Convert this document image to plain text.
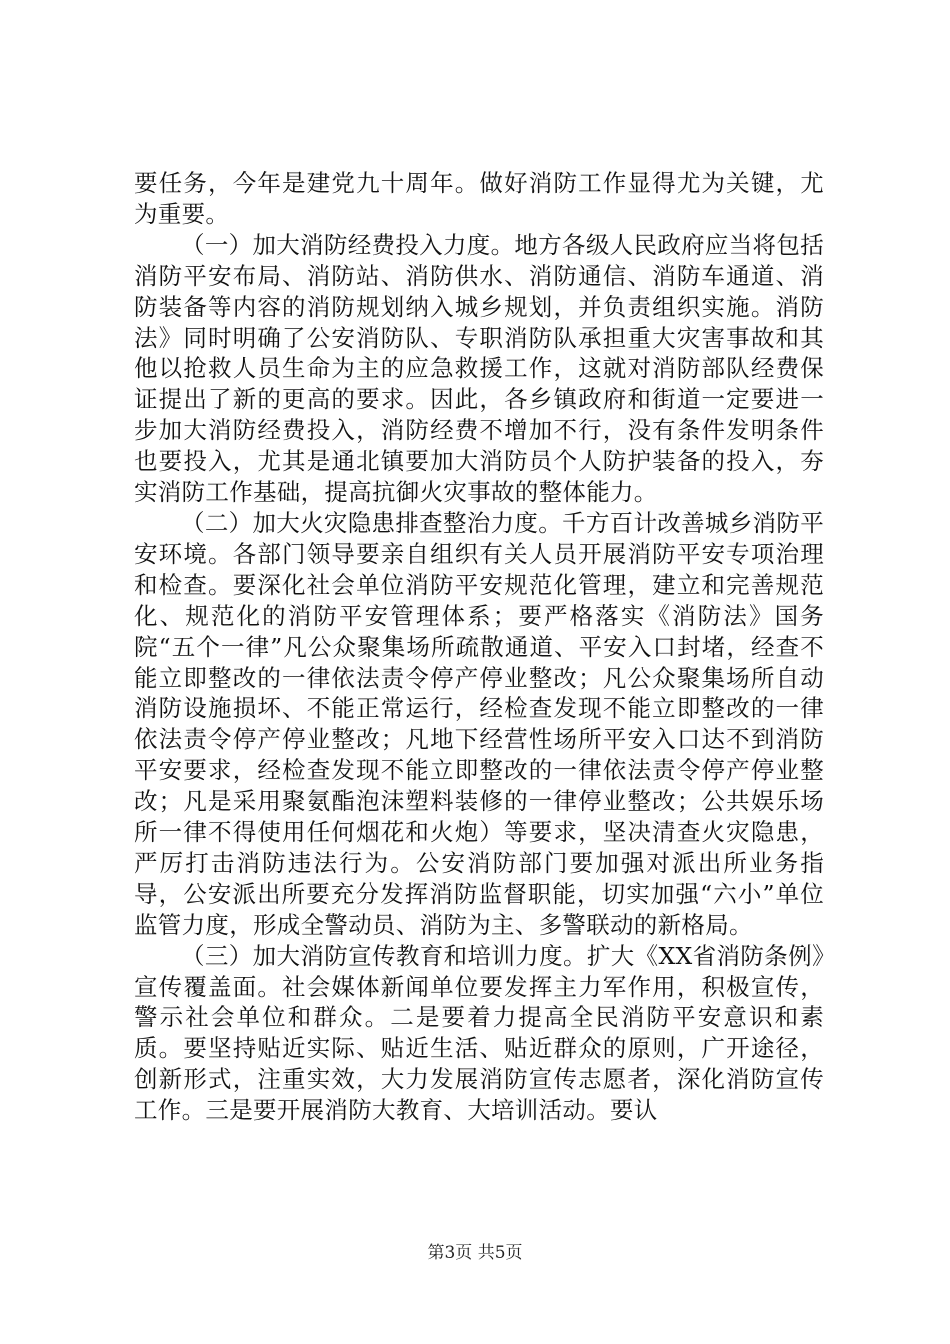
要任务，今年是建党九十周年。做好消防工作显得尤为关键，尤为重要。

（一）加大消防经费投入力度。地方各级人民政府应当将包括消防平安布局、消防站、消防供水、消防通信、消防车通道、消防装备等内容的消防规划纳入城乡规划，并负责组织实施。消防法》同时明确了公安消防队、专职消防队承担重大灾害事故和其他以抢救人员生命为主的应急救援工作，这就对消防部队经费保证提出了新的更高的要求。因此，各乡镇政府和街道一定要进一步加大消防经费投入，消防经费不增加不行，没有条件发明条件也要投入，尤其是通北镇要加大消防员个人防护装备的投入，夯实消防工作基础，提高抗御火灾事故的整体能力。

（二）加大火灾隐患排查整治力度。千方百计改善城乡消防平安环境。各部门领导要亲自组织有关人员开展消防平安专项治理和检查。要深化社会单位消防平安规范化管理，建立和完善规范化、规范化的消防平安管理体系；要严格落实《消防法》国务院“五个一律”凡公众聚集场所疏散通道、平安入口封堵，经查不能立即整改的一律依法责令停产停业整改；凡公众聚集场所自动消防设施损坏、不能正常运行，经检查发现不能立即整改的一律依法责令停产停业整改；凡地下经营性场所平安入口达不到消防平安要求，经检查发现不能立即整改的一律依法责令停产停业整改；凡是采用聚氨酯泡沫塑料装修的一律停业整改；公共娱乐场所一律不得使用任何烟花和火炮）等要求，坚决清查火灾隐患，严厉打击消防违法行为。公安消防部门要加强对派出所业务指导，公安派出所要充分发挥消防监督职能，切实加强“六小”单位监管力度，形成全警动员、消防为主、多警联动的新格局。

（三）加大消防宣传教育和培训力度。扩大《XX省消防条例》宣传覆盖面。社会媒体新闻单位要发挥主力军作用，积极宣传，警示社会单位和群众。二是要着力提高全民消防平安意识和素质。要坚持贴近实际、贴近生活、贴近群众的原则，广开途径，创新形式，注重实效，大力发展消防宣传志愿者，深化消防宣传工作。三是要开展消防大教育、大培训活动。要认

第3页 共5页
